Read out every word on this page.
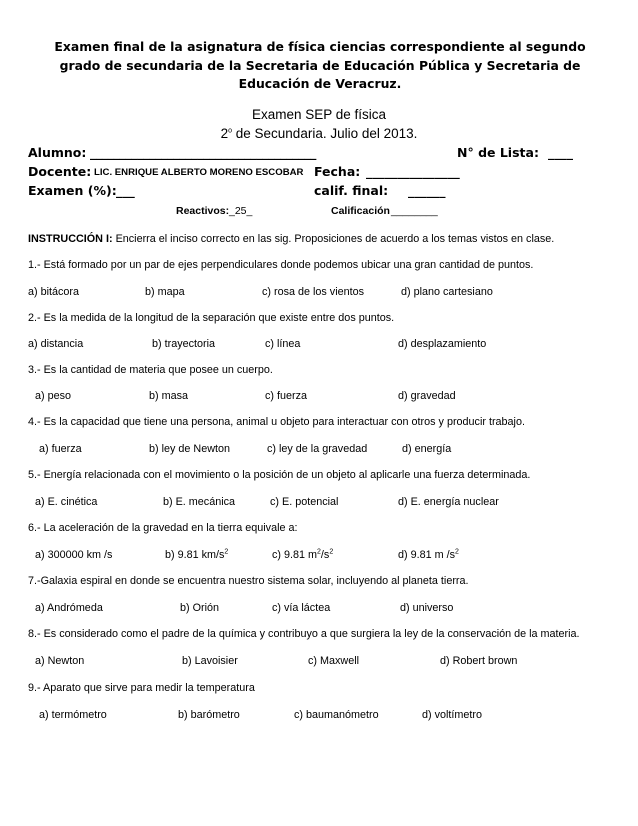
Examen final de la asignatura de física ciencias correspondiente al segundo grado de secundaria de la Secretaria de Educación Pública y Secretaria de Educación de Veracruz.
Examen SEP de física
2$^o$ de Secundaria. Julio del 2013.
Alumno: ______________________________________	N° de Lista: ____
Docente: LIC. ENRIQUE ALBERTO MORENO ESCOBAR Fecha: _______________
Examen (%): ___	calif. final: ______
Reactivos: _25_	Calificación ________
INSTRUCCIÓN I: Encierra el inciso correcto en las sig. Proposiciones de acuerdo a los temas vistos en clase.
1.- Está formado por un par de ejes perpendiculares donde podemos ubicar una gran cantidad de puntos.
a) bitácora	b) mapa	c) rosa de los vientos	d) plano cartesiano
2.- Es la medida de la longitud de la separación que existe entre dos puntos.
a) distancia	b) trayectoria	c) línea	d) desplazamiento
3.- Es la cantidad de materia que posee un cuerpo.
a) peso	b) masa	c) fuerza	d) gravedad
4.- Es la capacidad que tiene una persona, animal u objeto para interactuar con otros y producir trabajo.
a) fuerza	b) ley de Newton	c) ley de la gravedad	d) energía
5.- Energía relacionada con el movimiento o la posición de un objeto al aplicarle una fuerza determinada.
a) E. cinética	b) E. mecánica	c) E. potencial	d) E. energía nuclear
6.- La aceleración de la gravedad en la tierra equivale a:
a) 300000 km /s	b) 9.81 $km/s^2$	c) 9.81 $m^2/s^2$	d) 9.81 m $/s^2$
7.-Galaxia espiral en donde se encuentra nuestro sistema solar, incluyendo al planeta tierra.
a) Andrómeda	b) Orión	c) vía láctea	d) universo
8.- Es considerado como el padre de la química y contribuyo a que surgiera la ley de la conservación de la materia.
a) Newton	b) Lavoisier	c) Maxwell	d) Robert brown
9.- Aparato que sirve para medir la temperatura
a) termómetro	b) barómetro	c) baumanómetro	d) voltímetro
